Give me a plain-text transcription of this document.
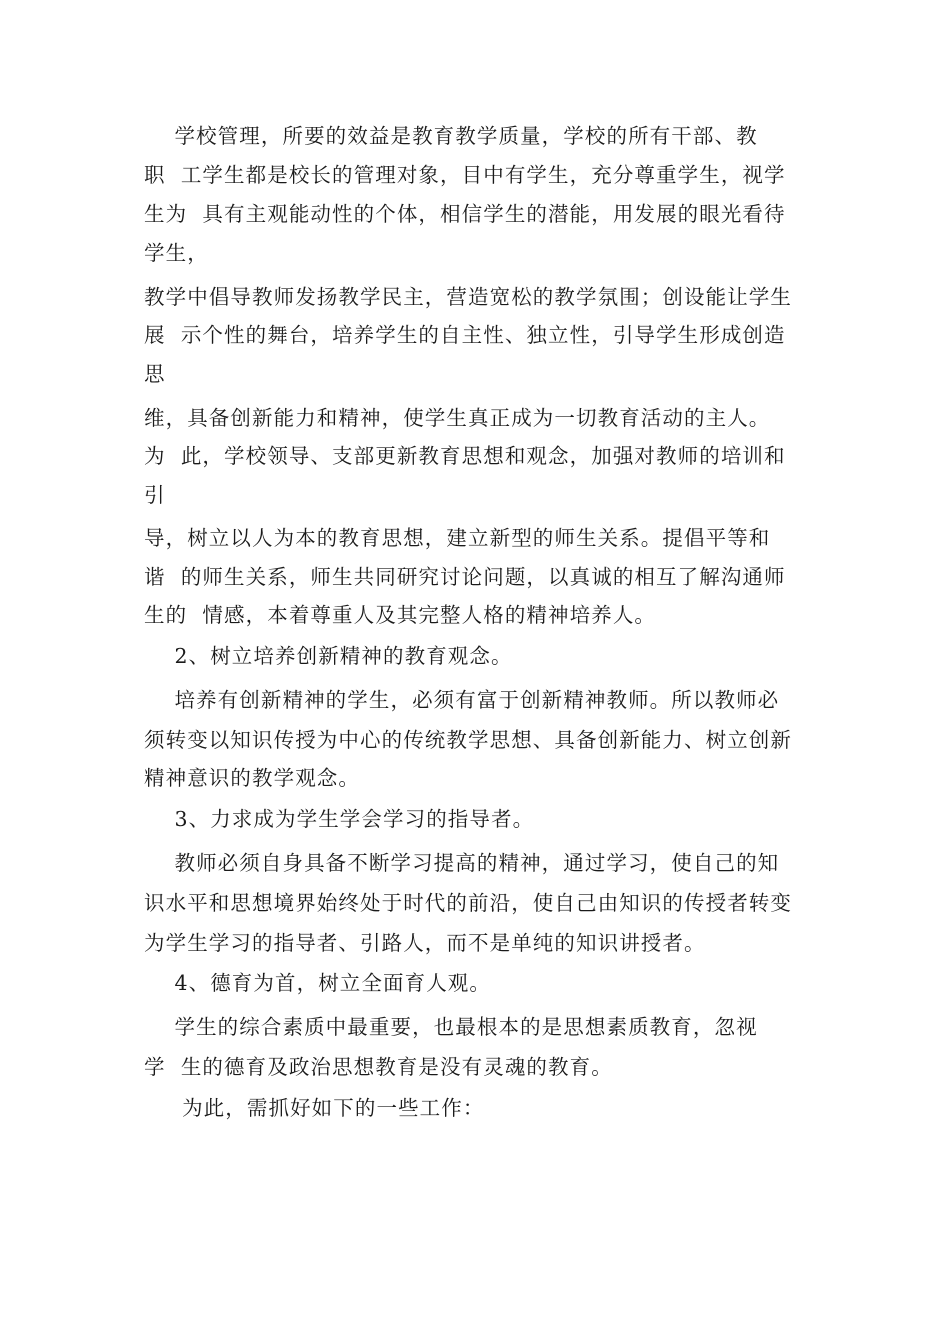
学校管理，所要的效益是教育教学质量，学校的所有干部、教

职  工学生都是校长的管理对象，目中有学生，充分尊重学生，视学

生为  具有主观能动性的个体，相信学生的潜能，用发展的眼光看待

学生，

教学中倡导教师发扬教学民主，营造宽松的教学氛围；创设能让学生

展  示个性的舞台，培养学生的自主性、独立性，引导学生形成创造

思

维，具备创新能力和精神，使学生真正成为一切教育活动的主人。

为  此，学校领导、支部更新教育思想和观念，加强对教师的培训和

引

导，树立以人为本的教育思想，建立新型的师生关系。提倡平等和

谐  的师生关系，师生共同研究讨论问题，以真诚的相互了解沟通师

生的  情感，本着尊重人及其完整人格的精神培养人。

2、树立培养创新精神的教育观念。

培养有创新精神的学生，必须有富于创新精神教师。所以教师必

须转变以知识传授为中心的传统教学思想、具备创新能力、树立创新

精神意识的教学观念。

3、力求成为学生学会学习的指导者。

教师必须自身具备不断学习提高的精神，通过学习，使自己的知

识水平和思想境界始终处于时代的前沿，使自己由知识的传授者转变

为学生学习的指导者、引路人，而不是单纯的知识讲授者。

4、德育为首，树立全面育人观。

学生的综合素质中最重要，也最根本的是思想素质教育，忽视

学  生的德育及政治思想教育是没有灵魂的教育。

为此，需抓好如下的一些工作：
